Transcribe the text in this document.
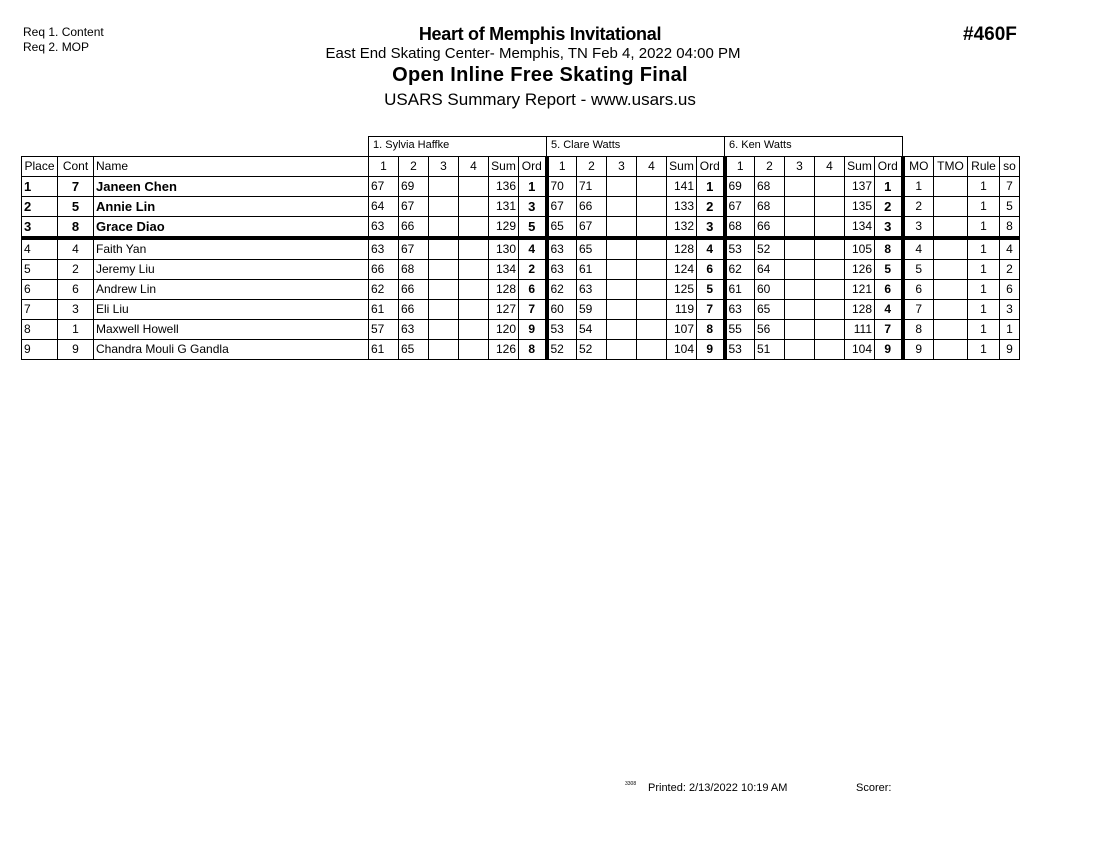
Req 1. Content
Req 2. MOP
#460F
Heart of Memphis Invitational
East End Skating Center- Memphis, TN Feb 4, 2022 04:00 PM
Open Inline Free Skating Final
USARS Summary Report - www.usars.us
			1. Sylvia Haffke						5. Clare Watts						6. Ken Watts									
Place	Cont	Name	1	2	3	4	Sum	Ord	1	2	3	4	Sum	Ord	1	2	3	4	Sum	Ord	MO	TMO	Rule	so
1	7	Janeen Chen	67	69			136	1	70	71			141	1	69	68			137	1	1		1	7
2	5	Annie Lin	64	67			131	3	67	66			133	2	67	68			135	2	2		1	5
3	8	Grace Diao	63	66			129	5	65	67			132	3	68	66			134	3	3		1	8
4	4	Faith Yan	63	67			130	4	63	65			128	4	53	52			105	8	4		1	4
5	2	Jeremy Liu	66	68			134	2	63	61			124	6	62	64			126	5	5		1	2
6	6	Andrew Lin	62	66			128	6	62	63			125	5	61	60			121	6	6		1	6
7	3	Eli Liu	61	66			127	7	60	59			119	7	63	65			128	4	7		1	3
8	1	Maxwell Howell	57	63			120	9	53	54			107	8	55	56			111	7	8		1	1
9	9	Chandra Mouli G Gandla	61	65			126	8	52	52			104	9	53	51			104	9	9		1	9
3308 Printed: 2/13/2022 10:19 AM	Scorer:
